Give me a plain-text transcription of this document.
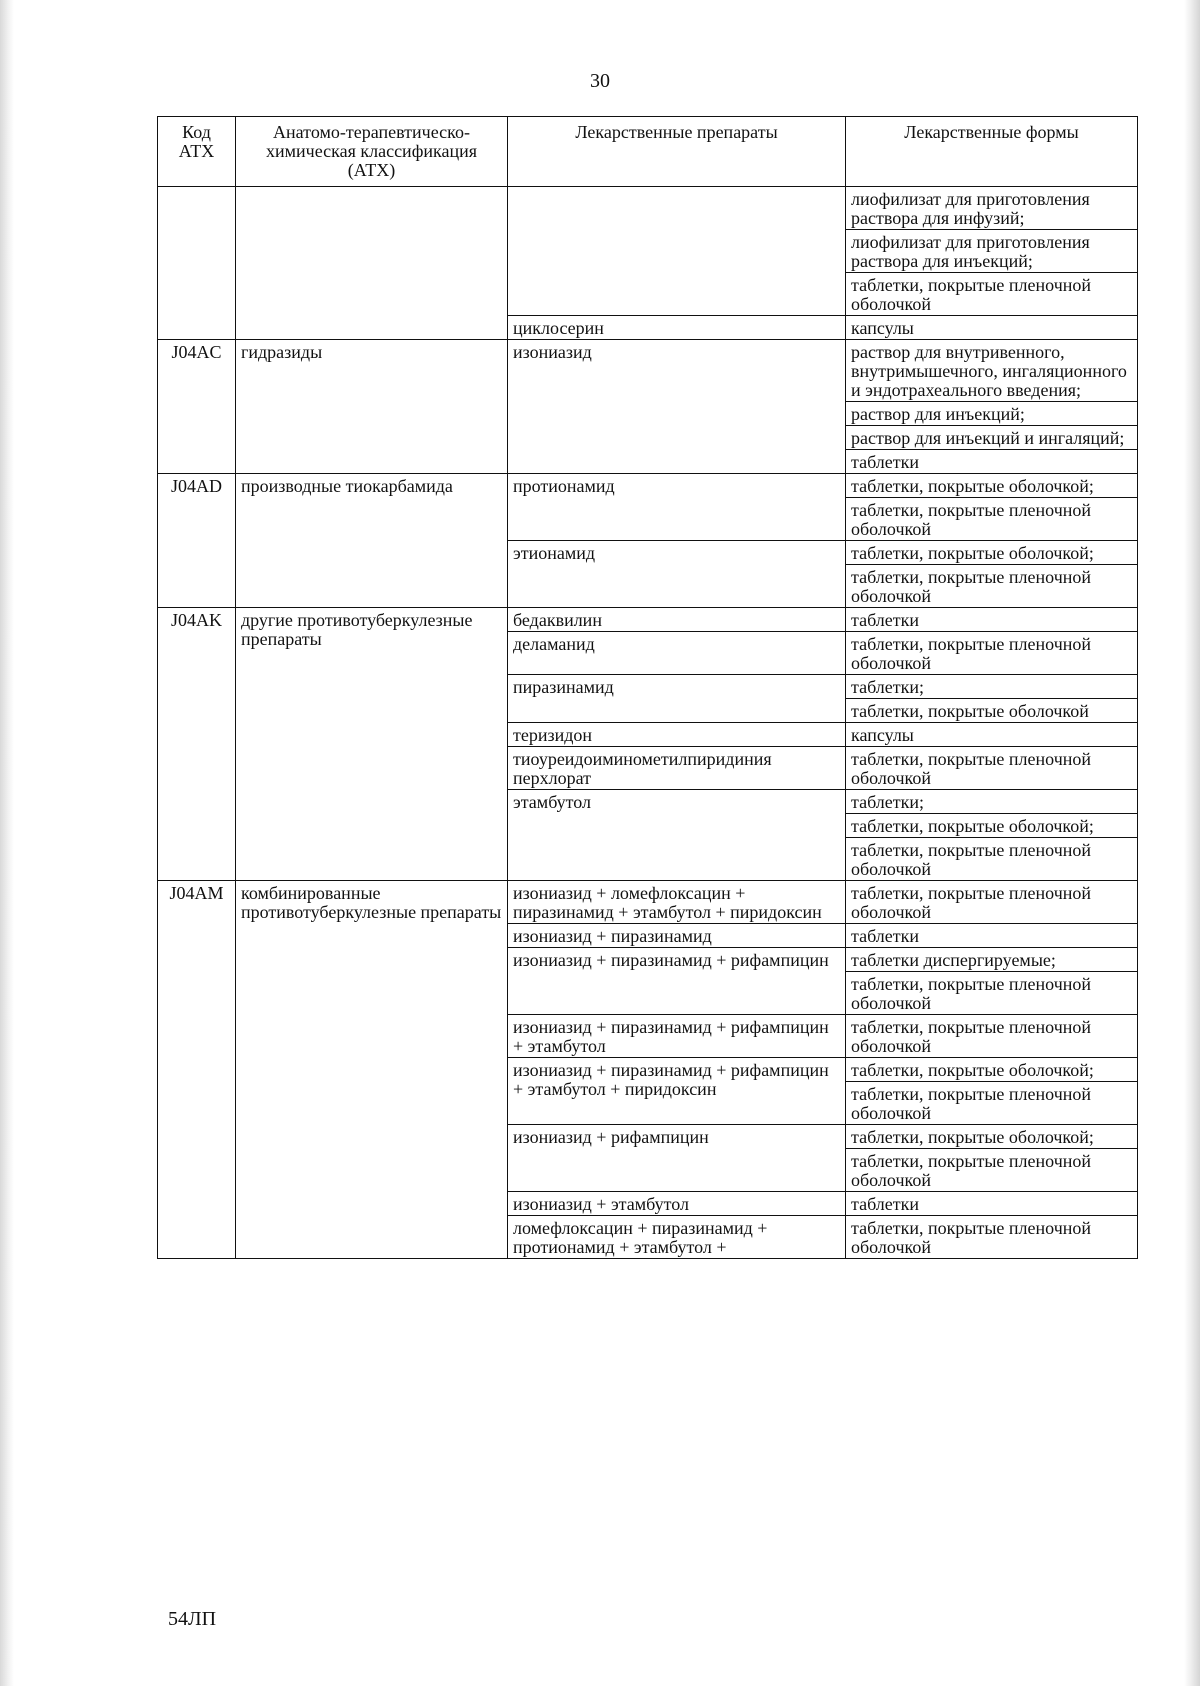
30
Код АТХ	Анатомо-терапевтическо-химическая классификация (АТХ)	Лекарственные препараты	Лекарственные формы
			лиофилизат для приготовления раствора для инфузий;
			лиофилизат для приготовления раствора для инъекций;
			таблетки, покрытые пленочной оболочкой
		циклосерин	капсулы
J04AC	гидразиды	изониазид	раствор для внутривенного, внутримышечного, ингаляционного и эндотрахеального введения;
			раствор для инъекций;
			раствор для инъекций и ингаляций;
			таблетки
J04AD	производные тиокарбамида	протионамид	таблетки, покрытые оболочкой;
			таблетки, покрытые пленочной оболочкой
		этионамид	таблетки, покрытые оболочкой;
			таблетки, покрытые пленочной оболочкой
J04AK	другие противотуберкулезные препараты	бедаквилин	таблетки
		деламанид	таблетки, покрытые пленочной оболочкой
		пиразинамид	таблетки;
			таблетки, покрытые оболочкой
		теризидон	капсулы
		тиоуреидоиминометилпиридиния перхлорат	таблетки, покрытые пленочной оболочкой
		этамбутол	таблетки;
			таблетки, покрытые оболочкой;
			таблетки, покрытые пленочной оболочкой
J04AM	комбинированные противотуберкулезные препараты	изониазид + ломефлоксацин + пиразинамид + этамбутол + пиридоксин	таблетки, покрытые пленочной оболочкой
		изониазид + пиразинамид	таблетки
		изониазид + пиразинамид + рифампицин	таблетки диспергируемые;
			таблетки, покрытые пленочной оболочкой
		изониазид + пиразинамид + рифампицин + этамбутол	таблетки, покрытые пленочной оболочкой
		изониазид + пиразинамид + рифампицин + этамбутол + пиридоксин	таблетки, покрытые оболочкой;
			таблетки, покрытые пленочной оболочкой
		изониазид + рифампицин	таблетки, покрытые оболочкой;
			таблетки, покрытые пленочной оболочкой
		изониазид + этамбутол	таблетки
		ломефлоксацин + пиразинамид + протионамид + этамбутол +	таблетки, покрытые пленочной оболочкой
54ЛП
